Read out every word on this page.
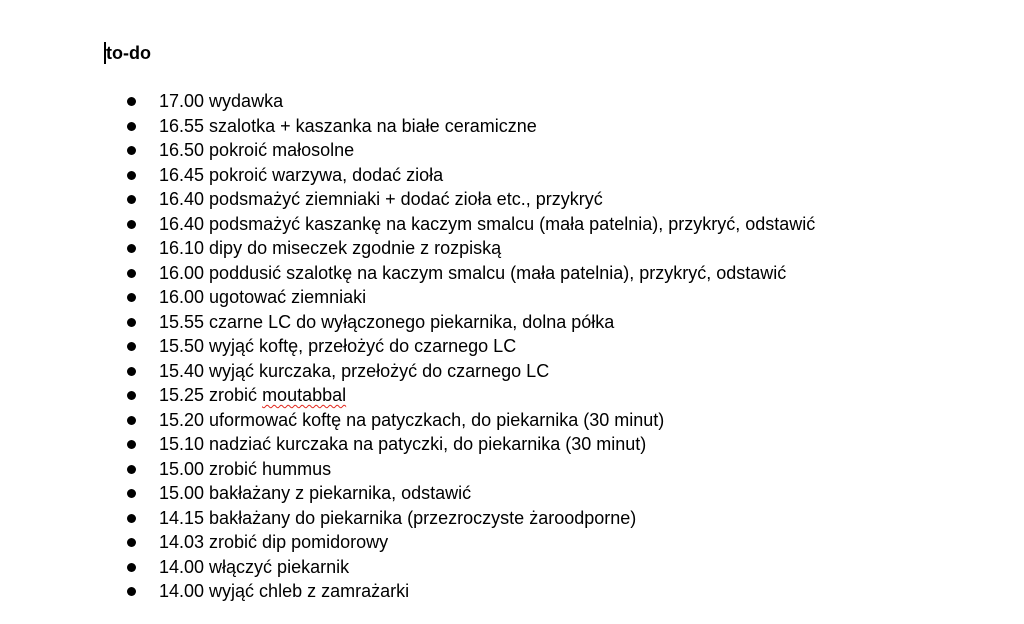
to-do
17.00 wydawka
16.55 szalotka + kaszanka na białe ceramiczne
16.50 pokroić małosolne
16.45 pokroić warzywa, dodać zioła
16.40 podsmażyć ziemniaki + dodać zioła etc., przykryć
16.40 podsmażyć kaszankę na kaczym smalcu (mała patelnia), przykryć, odstawić
16.10 dipy do miseczek zgodnie z rozpiską
16.00 poddusić szalotkę na kaczym smalcu (mała patelnia), przykryć, odstawić
16.00 ugotować ziemniaki
15.55 czarne LC do wyłączonego piekarnika, dolna półka
15.50 wyjąć koftę, przełożyć do czarnego LC
15.40 wyjąć kurczaka, przełożyć do czarnego LC
15.25 zrobić moutabbal
15.20 uformować koftę na patyczkach, do piekarnika (30 minut)
15.10 nadziać kurczaka na patyczki, do piekarnika (30 minut)
15.00 zrobić hummus
15.00 bakłażany z piekarnika, odstawić
14.15 bakłażany do piekarnika (przezroczyste żaroodporne)
14.03 zrobić dip pomidorowy
14.00 włączyć piekarnik
14.00 wyjąć chleb z zamrażarki
